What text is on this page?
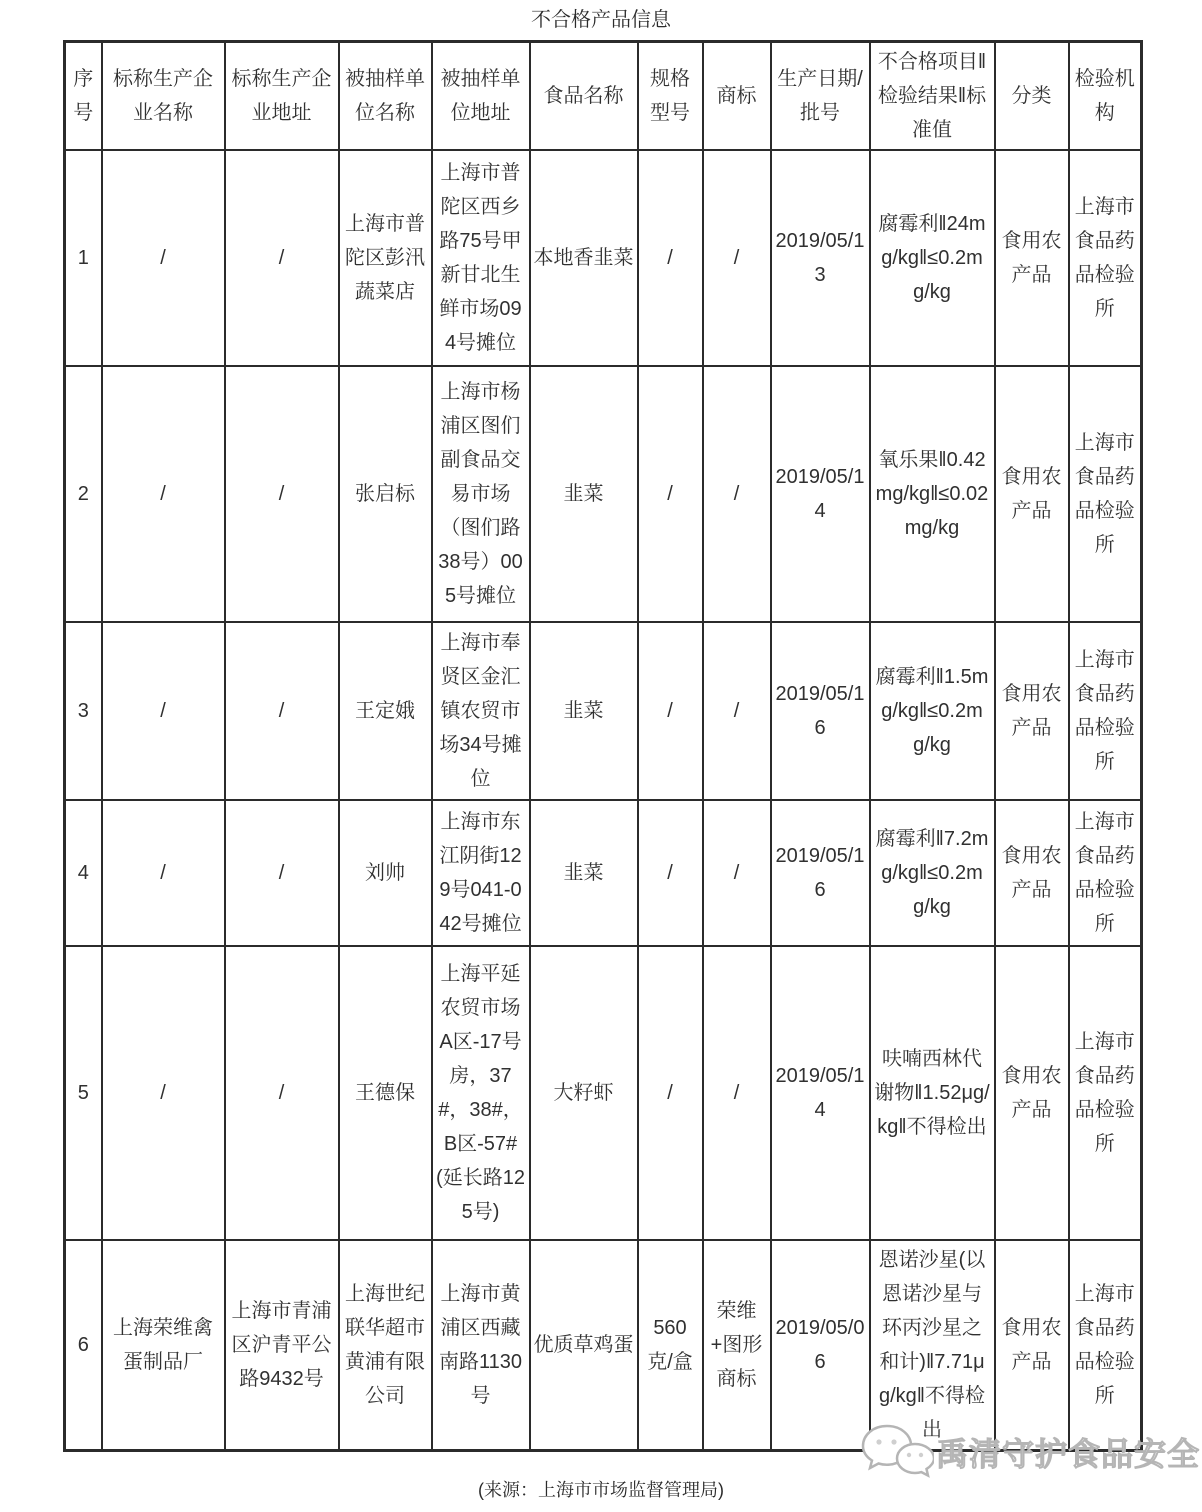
不合格产品信息
序号	标称生产企业名称	标称生产企业地址	被抽样单位名称	被抽样单位地址	食品名称	规格型号	商标	生产日期/批号	不合格项目‖检验结果‖标准值	分类	检验机构
1	/	/	上海市普陀区彭汛蔬菜店	上海市普陀区西乡路75号甲新甘北生鲜市场094号摊位	本地香韭菜	/	/	2019/05/13	腐霉利‖24mg/kg‖≤0.2mg/kg	食用农产品	上海市食品药品检验所
2	/	/	张启标	上海市杨浦区图们副食品交易市场（图们路38号）005号摊位	韭菜	/	/	2019/05/14	氧乐果‖0.42mg/kg‖≤0.02mg/kg	食用农产品	上海市食品药品检验所
3	/	/	王定娥	上海市奉贤区金汇镇农贸市场34号摊位	韭菜	/	/	2019/05/16	腐霉利‖1.5mg/kg‖≤0.2mg/kg	食用农产品	上海市食品药品检验所
4	/	/	刘帅	上海市东江阴街129号041-042号摊位	韭菜	/	/	2019/05/16	腐霉利‖7.2mg/kg‖≤0.2mg/kg	食用农产品	上海市食品药品检验所
5	/	/	王德保	上海平延农贸市场A区-17号房，37#，38#，B区-57#(延长路125号)	大籽虾	/	/	2019/05/14	呋喃西林代谢物‖1.52μg/kg‖不得检出	食用农产品	上海市食品药品检验所
6	上海荣维禽蛋制品厂	上海市青浦区沪青平公路9432号	上海世纪联华超市黄浦有限公司	上海市黄浦区西藏南路1130号	优质草鸡蛋	560克/盒	荣维+图形商标	2019/05/06	恩诺沙星(以恩诺沙星与环丙沙星之和计)‖7.71μg/kg‖不得检出	食用农产品	上海市食品药品检验所
禹清守护食品安全
(来源：上海市市场监督管理局)
